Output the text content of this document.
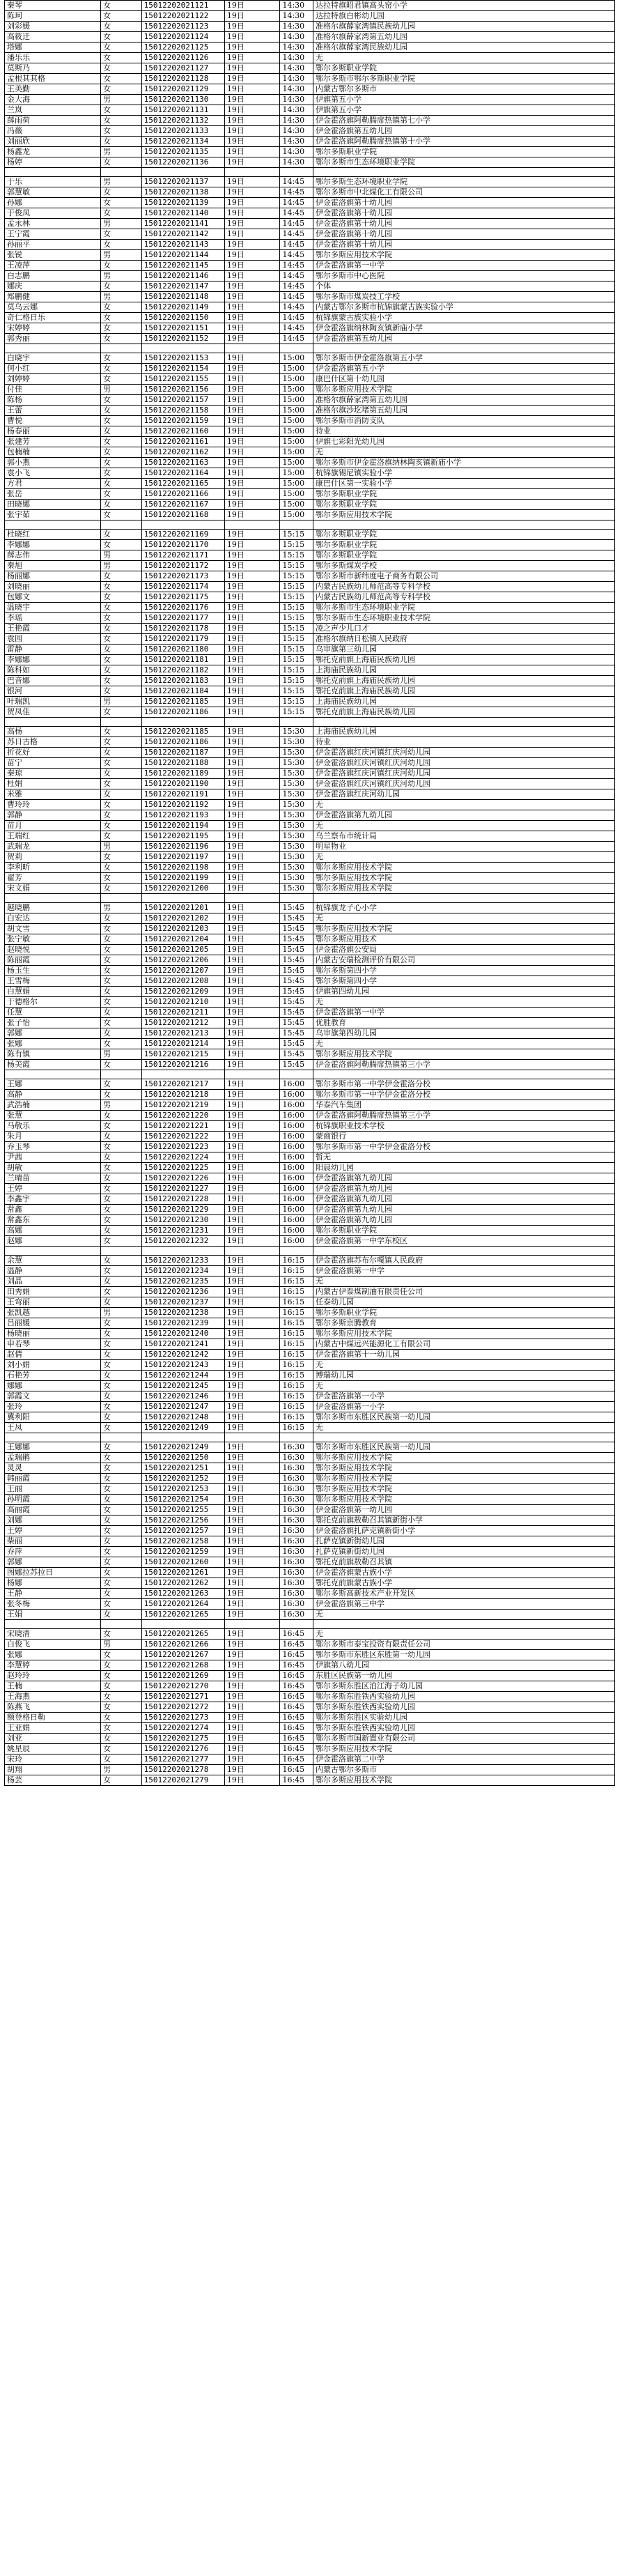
秦琴	女	15012202021121	19日	14:30	达拉特旗昭君镇高头窑小学
陈珂	女	15012202021122	19日	14:30	达拉特旗白彬幼儿园
刘彩媛	女	15012202021123	19日	14:30	准格尔旗薛家湾镇民族幼儿园
高筱迁	女	15012202021124	19日	14:30	准格尔旗薛家湾第五幼儿园
塔娜	女	15012202021125	19日	14:30	准格尔旗薛家湾民族幼儿园
潘乐乐	女	15012202021126	19日	14:30	无
莫斯乃	女	15012202021127	19日	14:30	鄂尔多斯职业学院
孟根其其格	女	15012202021128	19日	14:30	鄂尔多斯市鄂尔多斯职业学院
王美勤	女	15012202021129	19日	14:30	内蒙古鄂尔多斯市
金大海	男	15012202021130	19日	14:30	伊旗第五小学
兰岚	女	15012202021131	19日	14:30	伊旗第五小学
薛雨荷	女	15012202021132	19日	14:30	伊金霍洛旗阿勒腾席热镇第七小学
冯薇	女	15012202021133	19日	14:30	伊金霍洛旗第五幼儿园
刘丽欣	女	15012202021134	19日	14:30	伊金霍洛旗阿勒腾席热镇第十小学
杨鑫龙	男	15012202021135	19日	14:30	鄂尔多斯职业学院
杨婷	女	15012202021136	19日	14:30	鄂尔多斯市生态环境职业学院

于乐	男	15012202021137	19日	14:45	鄂尔多斯生态环境职业学院
郭慧敏	女	15012202021138	19日	14:45	鄂尔多斯市中北煤化工有限公司
孙娜	女	15012202021139	19日	14:45	伊金霍洛旗第十幼儿园
于俊凤	女	15012202021140	19日	14:45	伊金霍洛旗第十幼儿园
孟永林	男	15012202021141	19日	14:45	伊金霍洛旗第十幼儿园
王宁霞	女	15012202021142	19日	14:45	伊金霍洛旗第十幼儿园
孙丽平	女	15012202021143	19日	14:45	伊金霍洛旗第十幼儿园
张锐	男	15012202021144	19日	14:45	鄂尔多斯应用技术学院
王凌萍	女	15012202021145	19日	14:45	伊金霍洛旗第一中学
白志鹏	男	15012202021146	19日	14:45	鄂尔多斯市中心医院
娜庆	女	15012202021147	19日	14:45	个体
郑鹏健	男	15012202021148	19日	14:45	鄂尔多斯市煤炭技工学校
莫乌云娜	女	15012202021149	19日	14:45	内蒙古鄂尔多斯市杭锦旗蒙古族实验小学
奇仁格日乐	女	15012202021150	19日	14:45	杭锦旗蒙古族实验小学
宋婷婷	女	15012202021151	19日	14:45	伊金霍洛旗纳林陶亥镇新庙小学
郭秀丽	女	15012202021152	19日	14:45	伊金霍洛旗第五幼儿园

白晓宇	女	15012202021153	19日	15:00	鄂尔多斯市伊金霍洛旗第五小学
何小红	女	15012202021154	19日	15:00	伊金霍洛旗第五小学
刘婷婷	女	15012202021155	19日	15:00	康巴什区第十幼儿园
付佳	男	15012202021156	19日	15:00	鄂尔多斯应用技术学院
陈杨	女	15012202021157	19日	15:00	准格尔旗薛家湾第五幼儿园
王蕾	女	15012202021158	19日	15:00	准格尔旗沙圪堵第五幼儿园
曹悦	女	15012202021159	19日	15:00	鄂尔多斯市消防支队
杨春丽	女	15012202021160	19日	15:00	待业
张建芳	女	15012202021161	19日	15:00	伊旗七彩阳光幼儿园
包楠楠	女	15012202021162	19日	15:00	无
郭小燕	女	15012202021163	19日	15:00	鄂尔多斯市伊金霍洛旗纳林陶亥镇新庙小学
袁小飞	女	15012202021164	19日	15:00	杭锦旗锡尼镇实验小学
方君	女	15012202021165	19日	15:00	康巴什区第一实验小学
张岳	女	15012202021166	19日	15:00	鄂尔多斯职业学院
田晓娜	女	15012202021167	19日	15:00	鄂尔多斯职业学院
张宇茹	女	15012202021168	19日	15:00	鄂尔多斯应用技术学院

杜晓红	女	15012202021169	19日	15:15	鄂尔多斯职业学院
李娜娜	女	15012202021170	19日	15:15	鄂尔多斯职业学院
薛志伟	男	15012202021171	19日	15:15	鄂尔多斯职业学院
秦旭	男	15012202021172	19日	15:15	鄂尔多斯煤炭学校
杨丽娜	女	15012202021173	19日	15:15	鄂尔多斯市新纬度电子商务有限公司
刘晓丽	女	15012202021174	19日	15:15	内蒙古民族幼儿师范高等专科学校
包娜文	女	15012202021175	19日	15:15	内蒙古民族幼儿师范高等专科学校
温晓宇	女	15012202021176	19日	15:15	鄂尔多斯市生态环境职业学院
李瑶	女	15012202021177	19日	15:15	鄂尔多斯市生态环境职业技术学院
王艳霞	女	15012202021178	19日	15:15	凌之声少儿口才
袁园	女	15012202021179	19日	15:15	准格尔旗纳日松镇人民政府
雷静	女	15012202021180	19日	15:15	乌审旗第三幼儿园
李娜娜	女	15012202021181	19日	15:15	鄂托克前旗上海庙民族幼儿园
陈科如	女	15012202021182	19日	15:15	上海庙民族幼儿园
巴音娜	女	15012202021183	19日	15:15	鄂托克前旗上海庙民族幼儿园
银河	女	15012202021184	19日	15:15	鄂托克前旗上海庙民族幼儿园
叶瑞凯	男	15012202021185	19日	15:15	上海庙民族幼儿园
贺凤佳	女	15012202021186	19日	15:15	鄂托克前旗上海庙民族幼儿园

高杨	女	15012202021185	19日	15:30	上海庙民族幼儿园
苏日古格	女	15012202021186	19日	15:30	待业
折花好	女	15012202021187	19日	15:30	伊金霍洛旗红庆河镇红庆河幼儿园
苗宁	女	15012202021188	19日	15:30	伊金霍洛旗红庆河镇红庆河幼儿园
秦琼	女	15012202021189	19日	15:30	伊金霍洛旗红庆河镇红庆河幼儿园
杜娟	女	15012202021190	19日	15:30	伊金霍洛旗红庆河镇红庆河幼儿园
米雅	女	15012202021191	19日	15:30	伊金霍洛旗红庆河幼儿园
曹玲玲	女	15012202021192	19日	15:30	无
郭静	女	15012202021193	19日	15:30	伊金霍洛旗第九幼儿园
苗月	女	15012202021194	19日	15:30	无
王瑞红	女	15012202021195	19日	15:30	乌兰察布市统计局
武瑞龙	男	15012202021196	19日	15:30	明星物业
贺莉	女	15012202021197	19日	15:30	无
李利昕	女	15012202021198	19日	15:30	鄂尔多斯应用技术学院
翟芳	女	15012202021199	19日	15:30	鄂尔多斯应用技术学院
宋文娟	女	15012202021200	19日	15:30	鄂尔多斯应用技术学院

越晓鹏	男	15012202021201	19日	15:45	杭锦旗龙子心小学
白宏达	女	15012202021202	19日	15:45	无
胡文雪	女	15012202021203	19日	15:45	鄂尔多斯应用技术学院
张宁敏	女	15012202021204	19日	15:45	鄂尔多斯应用技术
赵晓悦	女	15012202021205	19日	15:45	伊金霍洛旗公安局
陈丽霞	女	15012202021206	19日	15:45	内蒙古安瑞检测评价有限公司
杨玉生	女	15012202021207	19日	15:45	鄂尔多斯第四小学
王雪梅	女	15012202021208	19日	15:45	鄂尔多斯第四小学
白慧娟	女	15012202021209	19日	15:45	伊旗第四幼儿园
于德格尔	女	15012202021210	19日	15:45	无
任慧	女	15012202021211	19日	15:45	伊金霍洛旗第一中学
张子怡	女	15012202021212	19日	15:45	优胜教育
郭娜	女	15012202021213	19日	15:45	乌审旗第四幼儿园
张娜	女	15012202021214	19日	15:45	无
陈有镇	男	15012202021215	19日	15:45	鄂尔多斯应用技术学院
杨美霞	女	15012202021216	19日	15:45	伊金霍洛旗阿勒腾席热镇第三小学

王娜	女	15012202021217	19日	16:00	鄂尔多斯市第一中学伊金霍洛分校
高静	女	15012202021218	19日	16:00	鄂尔多斯市第一中学伊金霍洛分校
武浩楠	男	15012202021219	19日	16:00	华泰汽车集团
张慧	女	15012202021220	19日	16:00	伊金霍洛旗阿勒腾席热镇第三小学
马敬乐	女	15012202021221	19日	16:00	杭锦旗职业技术学校
朱月	女	15012202021222	19日	16:00	蒙商银行
乔玉琴	女	15012202021223	19日	16:00	鄂尔多斯市第一中学伊金霍洛分校
尹茜	女	15012202021224	19日	16:00	暂无
胡敏	女	15012202021225	19日	16:00	阳晨幼儿园
兰晴苗	女	15012202021226	19日	16:00	伊金霍洛旗第九幼儿园
王婷	女	15012202021227	19日	16:00	伊金霍洛旗第九幼儿园
李鑫宇	女	15012202021228	19日	16:00	伊金霍洛旗第九幼儿园
常鑫	女	15012202021229	19日	16:00	伊金霍洛旗第九幼儿园
常鑫东	女	15012202021230	19日	16:00	伊金霍洛旗第九幼儿园
高娜	女	15012202021231	19日	16:00	鄂尔多斯职业学院
赵娜	女	15012202021232	19日	16:00	伊金霍洛旗第一中学东校区

余慧	女	15012202021233	19日	16:15	伊金霍洛旗苏布尔嘎镇人民政府
温静	女	15012202021234	19日	16:15	伊金霍洛旗第一中学
刘晶	女	15012202021235	19日	16:15	无
田秀娟	女	15012202021236	19日	16:15	内蒙古伊泰煤制油有限责任公司
王弯丽	女	15012202021237	19日	16:15	任泰幼儿园
张凯越	男	15012202021238	19日	16:15	鄂尔多斯职业学院
吕丽媛	女	15012202021239	19日	16:15	鄂尔多斯京腾教育
杨晓丽	女	15012202021240	19日	16:15	鄂尔多斯应用技术学院
申若琴	女	15012202021241	19日	16:15	内蒙古中煤远兴能源化工有限公司
赵倩	女	15012202021242	19日	16:15	伊金霍洛旗第十一幼儿园
刘小娟	女	15012202021243	19日	16:15	无
石艳芳	女	15012202021244	19日	16:15	博瑞幼儿园
娜娜	女	15012202021245	19日	16:15	无
郭霞文	女	15012202021246	19日	16:15	伊金霍洛旗第一小学
张玲	女	15012202021247	19日	16:15	伊金霍洛旗第一小学
冀利阳	女	15012202021248	19日	16:15	鄂尔多斯市东胜区民族第一幼儿园
王凤	女	15012202021249	19日	16:15	无

王娜娜	女	15012202021249	19日	16:30	鄂尔多斯市东胜区民族第一幼儿园
孟瑞鹃	女	15012202021250	19日	16:30	鄂尔多斯应用技术学院
灵灵	女	15012202021251	19日	16:30	鄂尔多斯应用技术学院
韩丽霞	女	15012202021252	19日	16:30	鄂尔多斯应用技术学院
王丽	女	15012202021253	19日	16:30	鄂尔多斯应用技术学院
孙明霞	女	15012202021254	19日	16:30	鄂尔多斯应用技术学院
高丽霞	女	15012202021255	19日	16:30	伊金霍洛旗第一幼儿园
刘娜	女	15012202021256	19日	16:30	鄂托克前旗敖勒召其镇新街小学
王婷	女	15012202021257	19日	16:30	伊金霍洛旗扎萨克镇新街小学
柴丽	女	15012202021258	19日	16:30	扎萨克镇新街幼儿园
乔萍	女	15012202021259	19日	16:30	扎萨克镇新街幼儿园
郭娜	女	15012202021260	19日	16:30	鄂托克前旗敖勒召其镇
图娜拉苏拉日	女	15012202021261	19日	16:30	伊金霍洛旗蒙古族小学
杨娜	女	15012202021262	19日	16:30	鄂托克前旗蒙古族小学
王静	女	15012202021263	19日	16:30	鄂尔多斯高新技术产业开发区
张冬梅	女	15012202021264	19日	16:30	伊金霍洛旗第三中学
王娟	女	15012202021265	19日	16:30	无

宋晓清	女	15012202021265	19日	16:45	无
白俊飞	男	15012202021266	19日	16:45	鄂尔多斯市泰宝投资有限责任公司
张娜	女	15012202021267	19日	16:45	鄂尔多斯市东胜区东胜第一幼儿园
李慧婷	女	15012202021268	19日	16:45	伊旗第八幼儿园
赵玲玲	女	15012202021269	19日	16:45	东胜区民族第一幼儿园
王楠	女	15012202021270	19日	16:45	鄂尔多斯东胜区泊江海子幼儿园
王海燕	女	15012202021271	19日	16:45	鄂尔多斯东胜铁西实验幼儿园
陈燕飞	女	15012202021272	19日	16:45	鄂尔多斯东胜铁西实验幼儿园
额登格日勒	女	15012202021273	19日	16:45	鄂尔多斯东胜区实验幼儿园
王亚娟	女	15012202021274	19日	16:45	鄂尔多斯东胜铁西实验幼儿园
刘亚	女	15012202021275	19日	16:45	鄂尔多斯市国新置业有限公司
姚星辰	女	15012202021276	19日	16:45	鄂尔多斯应用技术学院
宋玲	女	15012202021277	19日	16:45	伊金霍洛旗第二中学
胡翔	男	15012202021278	19日	16:45	内蒙古鄂尔多斯市
杨芸	女	15012202021279	19日	16:45	鄂尔多斯应用技术学院
